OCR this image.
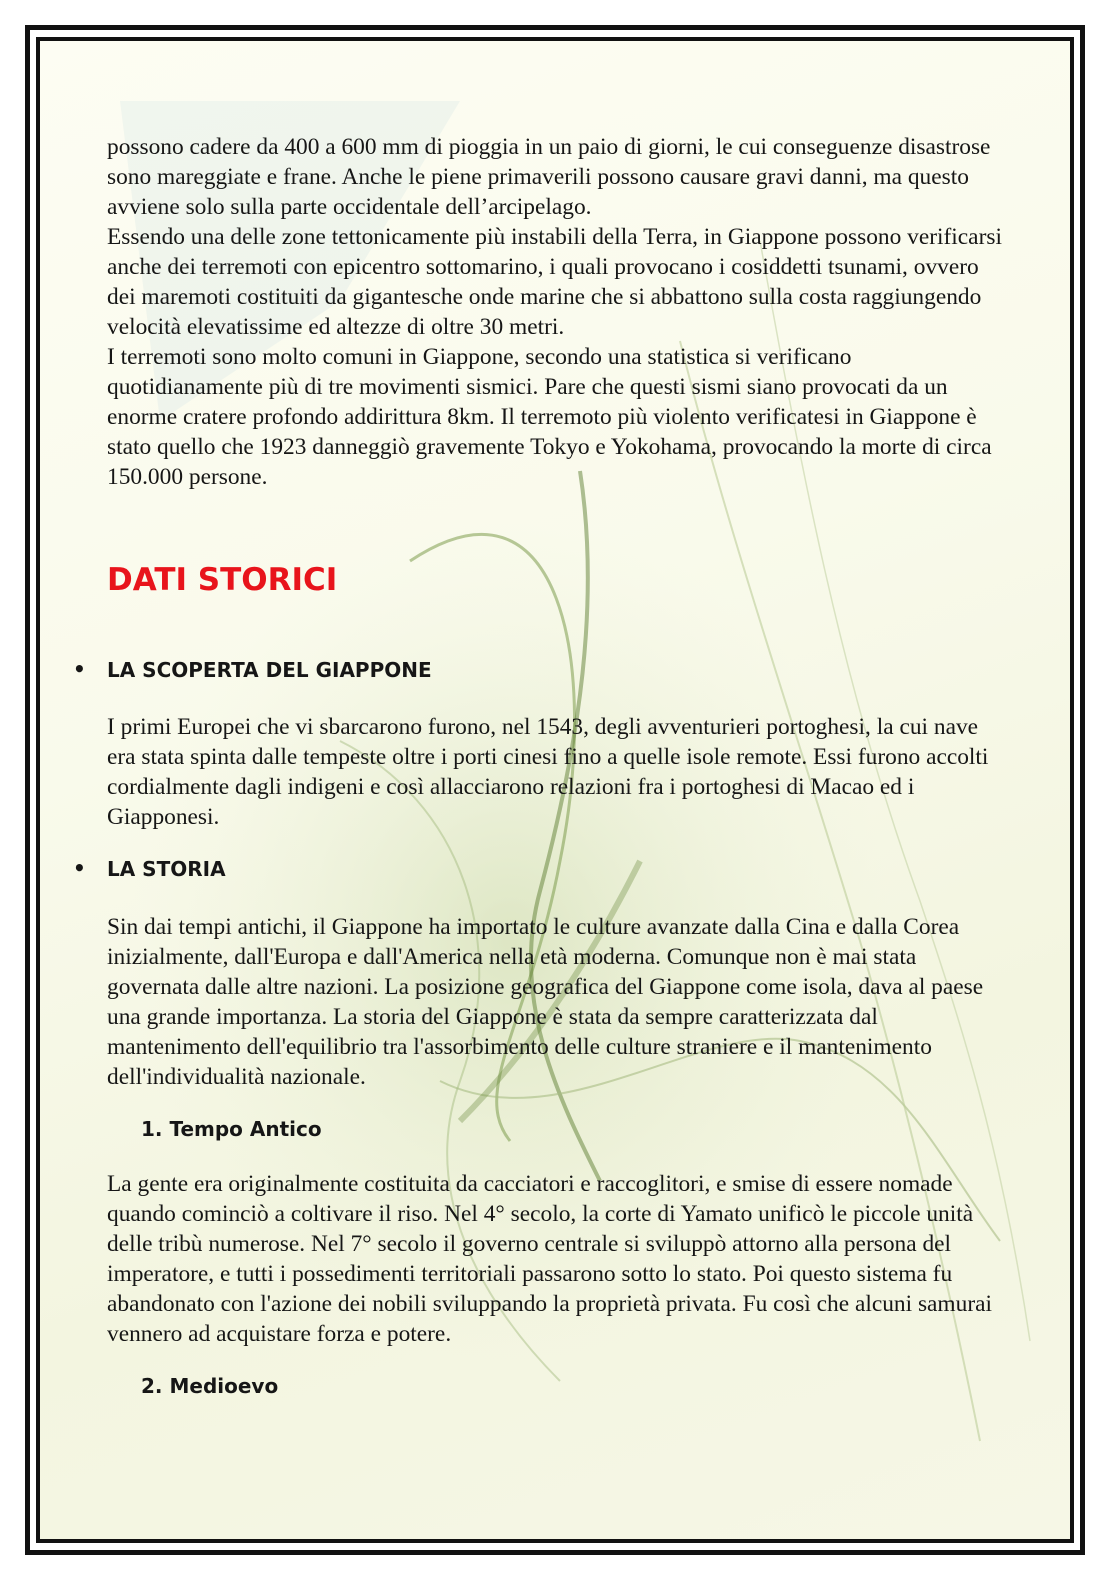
possono cadere da 400 a 600 mm di pioggia in un paio di giorni, le cui conseguenze disastrose sono mareggiate e frane. Anche le piene primaverili possono causare gravi danni, ma questo avviene solo sulla parte occidentale dell’arcipelago.

Essendo una delle zone tettonicamente più instabili della Terra, in Giappone possono verificarsi anche dei terremoti con epicentro sottomarino, i quali provocano i cosiddetti tsunami, ovvero dei maremoti costituiti da gigantesche onde marine che si abbattono sulla costa raggiungendo velocità elevatissime ed altezze di oltre 30 metri.

I terremoti sono molto comuni in Giappone, secondo una statistica si verificano quotidianamente più di tre movimenti sismici. Pare che questi sismi siano provocati da un enorme cratere profondo addirittura 8km. Il terremoto più violento verificatesi in Giappone è stato quello che 1923 danneggiò gravemente Tokyo e Yokohama, provocando la morte di circa 150.000 persone.

DATI STORICI
• LA SCOPERTA DEL GIAPPONE

I primi Europei che vi sbarcarono furono, nel 1543, degli avventurieri portoghesi, la cui nave era stata spinta dalle tempeste oltre i porti cinesi fino a quelle isole remote. Essi furono accolti cordialmente dagli indigeni e così allacciarono relazioni fra i portoghesi di Macao ed i Giapponesi.

• LA STORIA

Sin dai tempi antichi, il Giappone ha importato le culture avanzate dalla Cina e dalla Corea inizialmente, dall'Europa e dall'America nella età moderna. Comunque non è mai stata governata dalle altre nazioni. La posizione geografica del Giappone come isola, dava al paese una grande importanza. La storia del Giappone è stata da sempre caratterizzata dal mantenimento dell'equilibrio tra l'assorbimento delle culture straniere e il mantenimento dell'individualità nazionale.

1. Tempo Antico

La gente era originalmente costituita da cacciatori e raccoglitori, e smise di essere nomade quando cominciò a coltivare il riso. Nel 4° secolo, la corte di Yamato unificò le piccole unità delle tribù numerose. Nel 7° secolo il governo centrale si sviluppò attorno alla persona del imperatore, e tutti i possedimenti territoriali passarono sotto lo stato. Poi questo sistema fu abandonato con l'azione dei nobili sviluppando la proprietà privata. Fu così che alcuni samurai vennero ad acquistare forza e potere.

2. Medioevo
